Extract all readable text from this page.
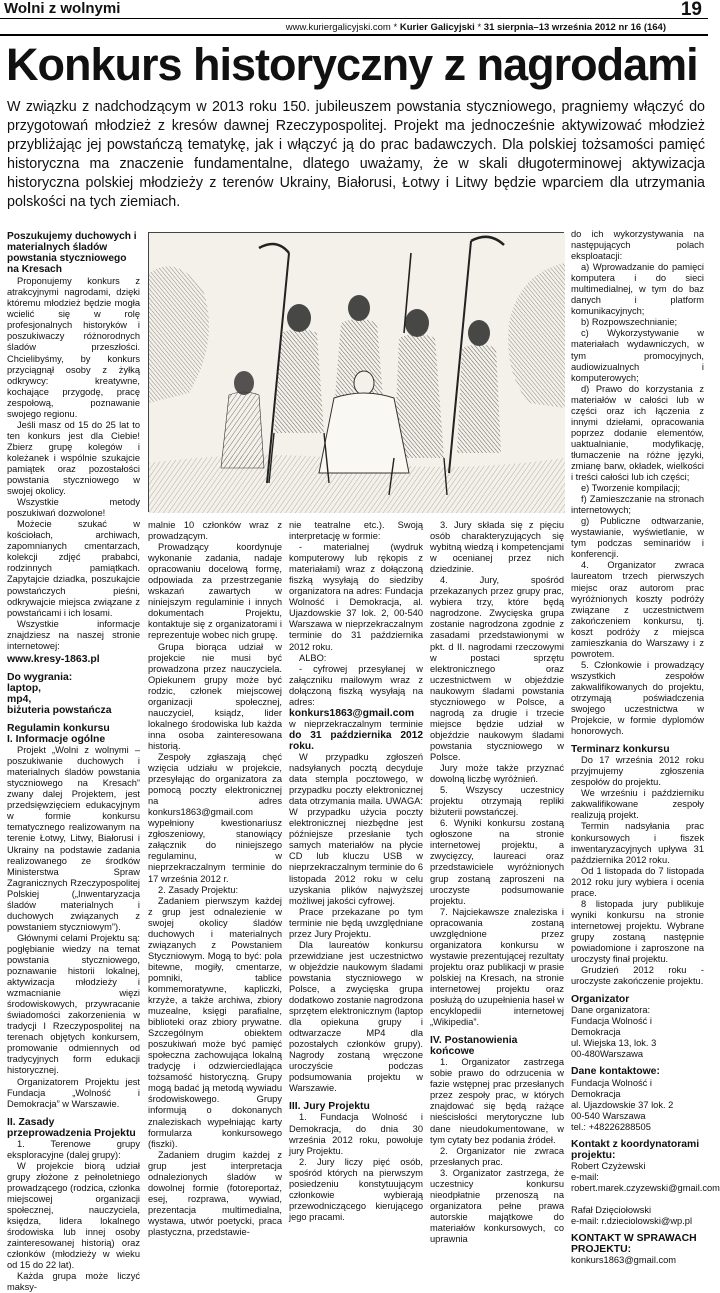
Wolni z wolnymi	19
www.kuriergalicyjski.com * Kurier Galicyjski * 31 sierpnia–13 września 2012 nr 16 (164)
Konkurs historyczny z nagrodami

W związku z nadchodzącym w 2013 roku 150. jubileuszem powstania styczniowego, pragniemy włączyć do przygotowań młodzież z kresów dawnej Rzeczypospolitej. Projekt ma jednocześnie aktywizować młodzież przybliżając jej powstańczą tematykę, jak i włączyć ją do prac badawczych. Dla polskiej tożsamości pamięć historyczna ma znaczenie fundamentalne, dlatego uważamy, że w skali długoterminowej aktywizacja historyczna polskiej młodzieży z terenów Ukrainy, Białorusi, Łotwy i Litwy będzie wparciem dla utrzymania polskości na tych ziemiach.

Poszukujemy duchowych i materialnych śladów powstania styczniowego na Kresach

Proponujemy konkurs z atrakcyjnymi nagrodami, dzięki któremu młodzież będzie mogła wcielić się w rolę profesjonalnych historyków i poszukiwaczy różnorodnych śladów przeszłości. Chcielibyśmy, by konkurs przyciągnął osoby z żyłką odkrywcy: kreatywne, kochające przygodę, pracę zespołową, poznawanie swojego regionu.

Jeśli masz od 15 do 25 lat to ten konkurs jest dla Ciebie! Zbierz grupę kolegów i koleżanek i wspólnie szukajcie pamiątek oraz pozostałości powstania styczniowego w swojej okolicy.

Wszystkie metody poszukiwań dozwolone!

Możecie szukać w kościołach, archiwach, zapomnianych cmentarzach, kolekcji zdjęć prababci, rodzinnych pamiątkach. Zapytajcie dziadka, poszukajcie powstańczych pieśni, odkrywajcie miejsca związane z powstańcami i ich losami.

Wszystkie informacje znajdziesz na naszej stronie internetowej:

www.kresy-1863.pl

Do wygrania:

laptop,
mp4,
biżuteria powstańcza

Regulamin konkursu

I. Informacje ogólne

Projekt „Wolni z wolnymi – poszukiwanie duchowych i materialnych śladów powstania styczniowego na Kresach” zwany dalej Projektem, jest przedsięwzięciem edukacyjnym w formie konkursu tematycznego realizowanym na terenie Łotwy, Litwy, Białorusi i Ukrainy na podstawie zadania realizowanego ze środków Ministerstwa Spraw Zagranicznych Rzeczypospolitej Polskiej („Inwentaryzacja śladów materialnych i duchowych związanych z powstaniem styczniowym”).

Głównymi celami Projektu są: pogłębianie wiedzy na temat powstania styczniowego, poznawanie historii lokalnej, aktywizacja młodzieży i wzmacnianie więzi środowiskowych, przywracanie świadomości zakorzenienia w tradycji I Rzeczypospolitej na terenach objętych konkursem, promowanie odmiennych od tradycyjnych form edukacji historycznej.

Organizatorem Projektu jest Fundacja „Wolność i Demokracja” w Warszawie.

II. Zasady przeprowadzenia Projektu

1. Terenowe grupy eksploracyjne (dalej grupy):

W projekcie biorą udział grupy złożone z pełnoletniego prowadzącego (rodzica, członka miejscowej organizacji społecznej, nauczyciela, księdza, lidera lokalnego środowiska lub innej osoby zainteresowanej historią) oraz członków (młodzieży w wieku od 15 do 22 lat).

Każda grupa może liczyć maksy-

malnie 10 członków wraz z prowadzącym.

Prowadzący koordynuje wykonanie zadania, nadaje opracowaniu docelową formę, odpowiada za przestrzeganie wskazań zawartych w niniejszym regulaminie i innych dokumentach Projektu, kontaktuje się z organizatorami i reprezentuje wobec nich grupę.

Grupa biorąca udział w projekcie nie musi być prowadzona przez nauczyciela. Opiekunem grupy może być rodzic, członek miejscowej organizacji społecznej, nauczyciel, ksiądz, lider lokalnego środowiska lub każda inna osoba zainteresowana historią.

Zespoły zgłaszają chęć wzięcia udziału w projekcie, przesyłając do organizatora za pomocą poczty elektronicznej na adres konkurs1863@gmail.com wypełniony kwestionariusz zgłoszeniowy, stanowiący załącznik do niniejszego regulaminu, w nieprzekraczalnym terminie do 17 września 2012 r.

2. Zasady Projektu:

Zadaniem pierwszym każdej z grup jest odnalezienie w swojej okolicy śladów duchowych i materialnych związanych z Powstaniem Styczniowym. Mogą to być: pola bitewne, mogiły, cmentarze, pomniki, tablice kommemoratywne, kapliczki, krzyże, a także archiwa, zbiory muzealne, księgi parafialne, biblioteki oraz zbiory prywatne. Szczególnym obiektem poszukiwań może być pamięć społeczna zachowująca lokalną tradycję i odzwierciedlająca tożsamość historyczną. Grupy mogą badać ją metodą wywiadu środowiskowego. Grupy informują o dokonanych znaleziskach wypełniając karty formularza konkursowego (fiszki).

Zadaniem drugim każdej z grup jest interpretacja odnalezionych śladów w dowolnej formie (fotoreportaż, esej, rozprawa, wywiad, prezentacja multimedialna, wystawa, utwór poetycki, praca plastyczna, przedstawie-

nie teatralne etc.). Swoją interpretację w formie:

- materialnej (wydruk komputerowy lub rękopis z materiałami) wraz z dołączoną fiszką wysyłają do siedziby organizatora na adres: Fundacja Wolność i Demokracja, al. Ujazdowskie 37 lok. 2, 00-540 Warszawa w nieprzekraczalnym terminie do 31 października 2012 roku.

ALBO:

- cyfrowej przesyłanej w załączniku mailowym wraz z dołączoną fiszką wysyłają na adres:

konkurs1863@gmail.com

w nieprzekraczalnym terminie do 31 października 2012 roku.

W przypadku zgłoszeń nadsyłanych pocztą decyduje data stempla pocztowego, w przypadku poczty elektronicznej data otrzymania maila. UWAGA: W przypadku użycia poczty elektronicznej niezbędne jest późniejsze przesłanie tych samych materiałów na płycie CD lub kluczu USB w nieprzekraczalnym terminie do 6 listopada 2012 roku w celu uzyskania plików najwyższej możliwej jakości cyfrowej.

Prace przekazane po tym terminie nie będą uwzględniane przez Jury Projektu.

Dla laureatów konkursu przewidziane jest uczestnictwo w objeździe naukowym śladami powstania styczniowego w Polsce, a zwycięska grupa dodatkowo zostanie nagrodzona sprzętem elektronicznym (laptop dla opiekuna grupy i odtwarzacze MP4 dla pozostałych członków grupy). Nagrody zostaną wręczone uroczyście podczas podsumowania projektu w Warszawie.

III. Jury Projektu

1. Fundacja Wolność i Demokracja, do dnia 30 września 2012 roku, powołuje jury Projektu.

2. Jury liczy pięć osób, spośród których na pierwszym posiedzeniu konstytuującym członkowie wybierają przewodniczącego kierującego jego pracami.

3. Jury składa się z pięciu osób charakteryzujących się wybitną wiedzą i kompetencjami w ocenianej przez nich dziedzinie.

4. Jury, spośród przekazanych przez grupy prac, wybiera trzy, które będą nagrodzone. Zwycięska grupa zostanie nagrodzona zgodnie z zasadami przedstawionymi w pkt. d II. nagrodami rzeczowymi w postaci sprzętu elektronicznego oraz uczestnictwem w objeździe naukowym śladami powstania styczniowego w Polsce, a nagrodą za drugie i trzecie miejsce będzie udział w objeździe naukowym śladami powstania styczniowego w Polsce.

Jury może także przyznać dowolną liczbę wyróżnień.

5. Wszyscy uczestnicy projektu otrzymają repliki biżuterii powstańczej.

6. Wyniki konkursu zostaną ogłoszone na stronie internetowej projektu, a zwycięzcy, laureaci oraz przedstawiciele wyróżnionych grup zostaną zaproszeni na uroczyste podsumowanie projektu.

7. Najciekawsze znaleziska i opracowania zostaną uwzględnione przez organizatora konkursu w wystawie prezentującej rezultaty projektu oraz publikacji w prasie polskiej na Kresach, na stronie internetowej projektu oraz posłużą do uzupełnienia haseł w encyklopedii internetowej „Wikipedia”.

IV. Postanowienia końcowe

1. Organizator zastrzega sobie prawo do odrzucenia w fazie wstępnej prac przesłanych przez zespoły prac, w których znajdować się będą rażące nieścisłości merytoryczne lub dane nieudokumentowane, w tym cytaty bez podania źródeł.

2. Organizator nie zwraca przesłanych prac.

3. Organizator zastrzega, że uczestnicy konkursu nieodpłatnie przenoszą na organizatora pełne prawa autorskie majątkowe do materiałów konkursowych, co uprawnia

do ich wykorzystywania na następujących polach eksploatacji:

a) Wprowadzanie do pamięci komputera i do sieci multimedialnej, w tym do baz danych i platform komunikacyjnych;

b) Rozpowszechnianie;

c) Wykorzystywanie w materiałach wydawniczych, w tym promocyjnych, audiowizualnych i komputerowych;

d) Prawo do korzystania z materiałów w całości lub w części oraz ich łączenia z innymi dziełami, opracowania poprzez dodanie elementów, uaktualnianie, modyfikację, tłumaczenie na różne języki, zmianę barw, okładek, wielkości i treści całości lub ich części;

e) Tworzenie kompilacji;

f) Zamieszczanie na stronach internetowych;

g) Publiczne odtwarzanie, wystawianie, wyświetlanie, w tym podczas seminariów i konferencji.

4. Organizator zwraca laureatom trzech pierwszych miejsc oraz autorom prac wyróżnionych koszty podróży związane z uczestnictwem zakończeniem konkursu, tj. koszt podróży z miejsca zamieszkania do Warszawy i z powrotem.

5. Członkowie i prowadzący wszystkich zespołów zakwalifikowanych do projektu, otrzymają poświadczenia swojego uczestnictwa w Projekcie, w formie dyplomów honorowych.

Terminarz konkursu

Do 17 września 2012 roku przyjmujemy zgłoszenia zespołów do projektu.

We wrześniu i październiku zakwalifikowane zespoły realizują projekt.

Termin nadsyłania prac konkursowych i fiszek inwentaryzacyjnych upływa 31 października 2012 roku.

Od 1 listopada do 7 listopada 2012 roku jury wybiera i ocenia prace.

8 listopada jury publikuje wyniki konkursu na stronie internetowej projektu. Wybrane grupy zostaną następnie powiadomione i zaproszone na uroczysty finał projektu.

Grudzień 2012 roku - uroczyste zakończenie projektu.

Organizator

Dane organizatora:
Fundacja Wolność i Demokracja
ul. Wiejska 13, lok. 3
00-480Warszawa

Dane kontaktowe:

Fundacja Wolność i Demokracja
al. Ujazdowskie 37 lok. 2
00-540 Warszawa
tel.: +48226288505

Kontakt z koordynatorami projektu:

Robert Czyżewski
e-mail:
robert.marek.czyzewski@gmail.com

Rafał Dzięciołowski
e-mail: r.dzieciolowski@wp.pl

KONTAKT W SPRAWACH PROJEKTU:

konkurs1863@gmail.com
